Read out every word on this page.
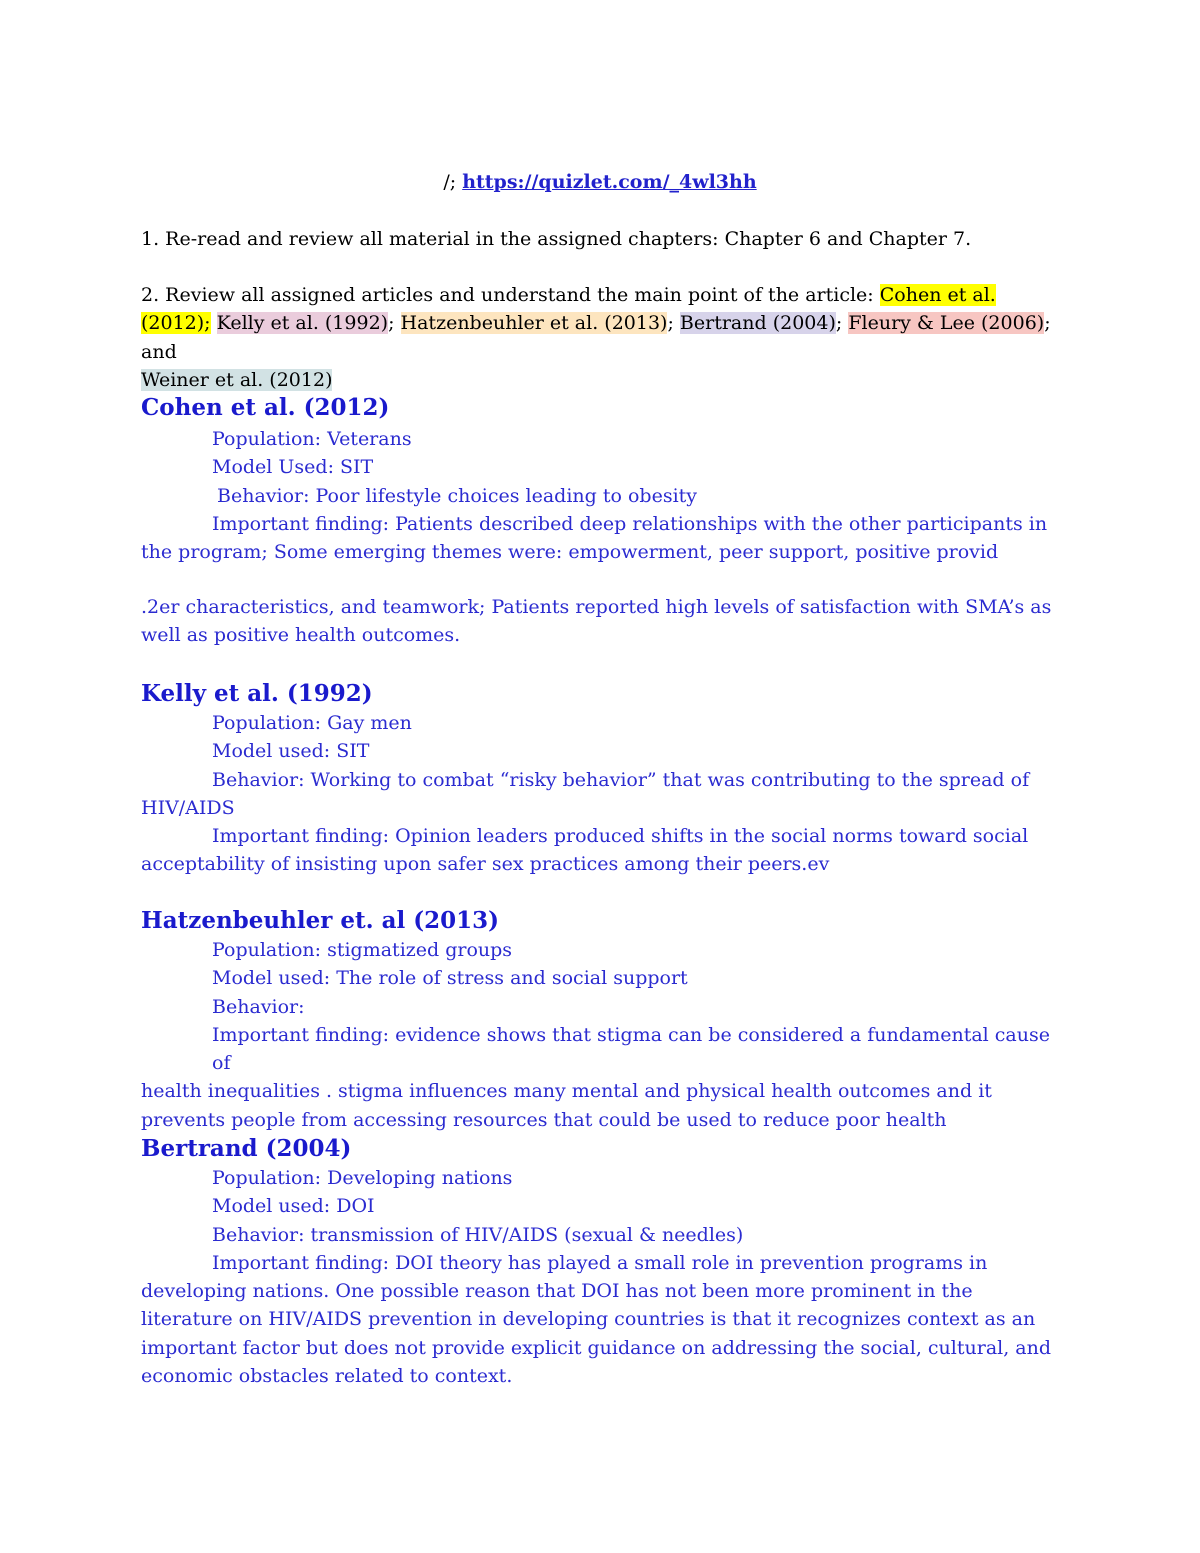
/; https://quizlet.com/_4wl3hh
1. Re-read and review all material in the assigned chapters: Chapter 6 and Chapter 7.
2. Review all assigned articles and understand the main point of the article: Cohen et al. (2012); Kelly et al. (1992); Hatzenbeuhler et al. (2013); Bertrand (2004); Fleury & Lee (2006); and
Weiner et al. (2012)
Cohen et al. (2012)
Population: Veterans
Model Used: SIT
Behavior: Poor lifestyle choices leading to obesity
Important finding: Patients described deep relationships with the other participants in
the program; Some emerging themes were: empowerment, peer support, positive provid
.2er characteristics, and teamwork; Patients reported high levels of satisfaction with SMA’s as well as positive health outcomes.
Kelly et al. (1992)
Population: Gay men
Model used: SIT
Behavior: Working to combat “risky behavior” that was contributing to the spread of
HIV/AIDS
Important finding: Opinion leaders produced shifts in the social norms toward social
acceptability of insisting upon safer sex practices among their peers.ev
Hatzenbeuhler et. al (2013)
Population: stigmatized groups
Model used: The role of stress and social support
Behavior:
Important finding: evidence shows that stigma can be considered a fundamental cause of
health inequalities . stigma influences many mental and physical health outcomes and it prevents people from accessing resources that could be used to reduce poor health
Bertrand (2004)
Population: Developing nations
Model used: DOI
Behavior: transmission of HIV/AIDS (sexual & needles)
Important finding: DOI theory has played a small role in prevention programs in
developing nations. One possible reason that DOI has not been more prominent in the literature on HIV/AIDS prevention in developing countries is that it recognizes context as an important factor but does not provide explicit guidance on addressing the social, cultural, and economic obstacles related to context.
